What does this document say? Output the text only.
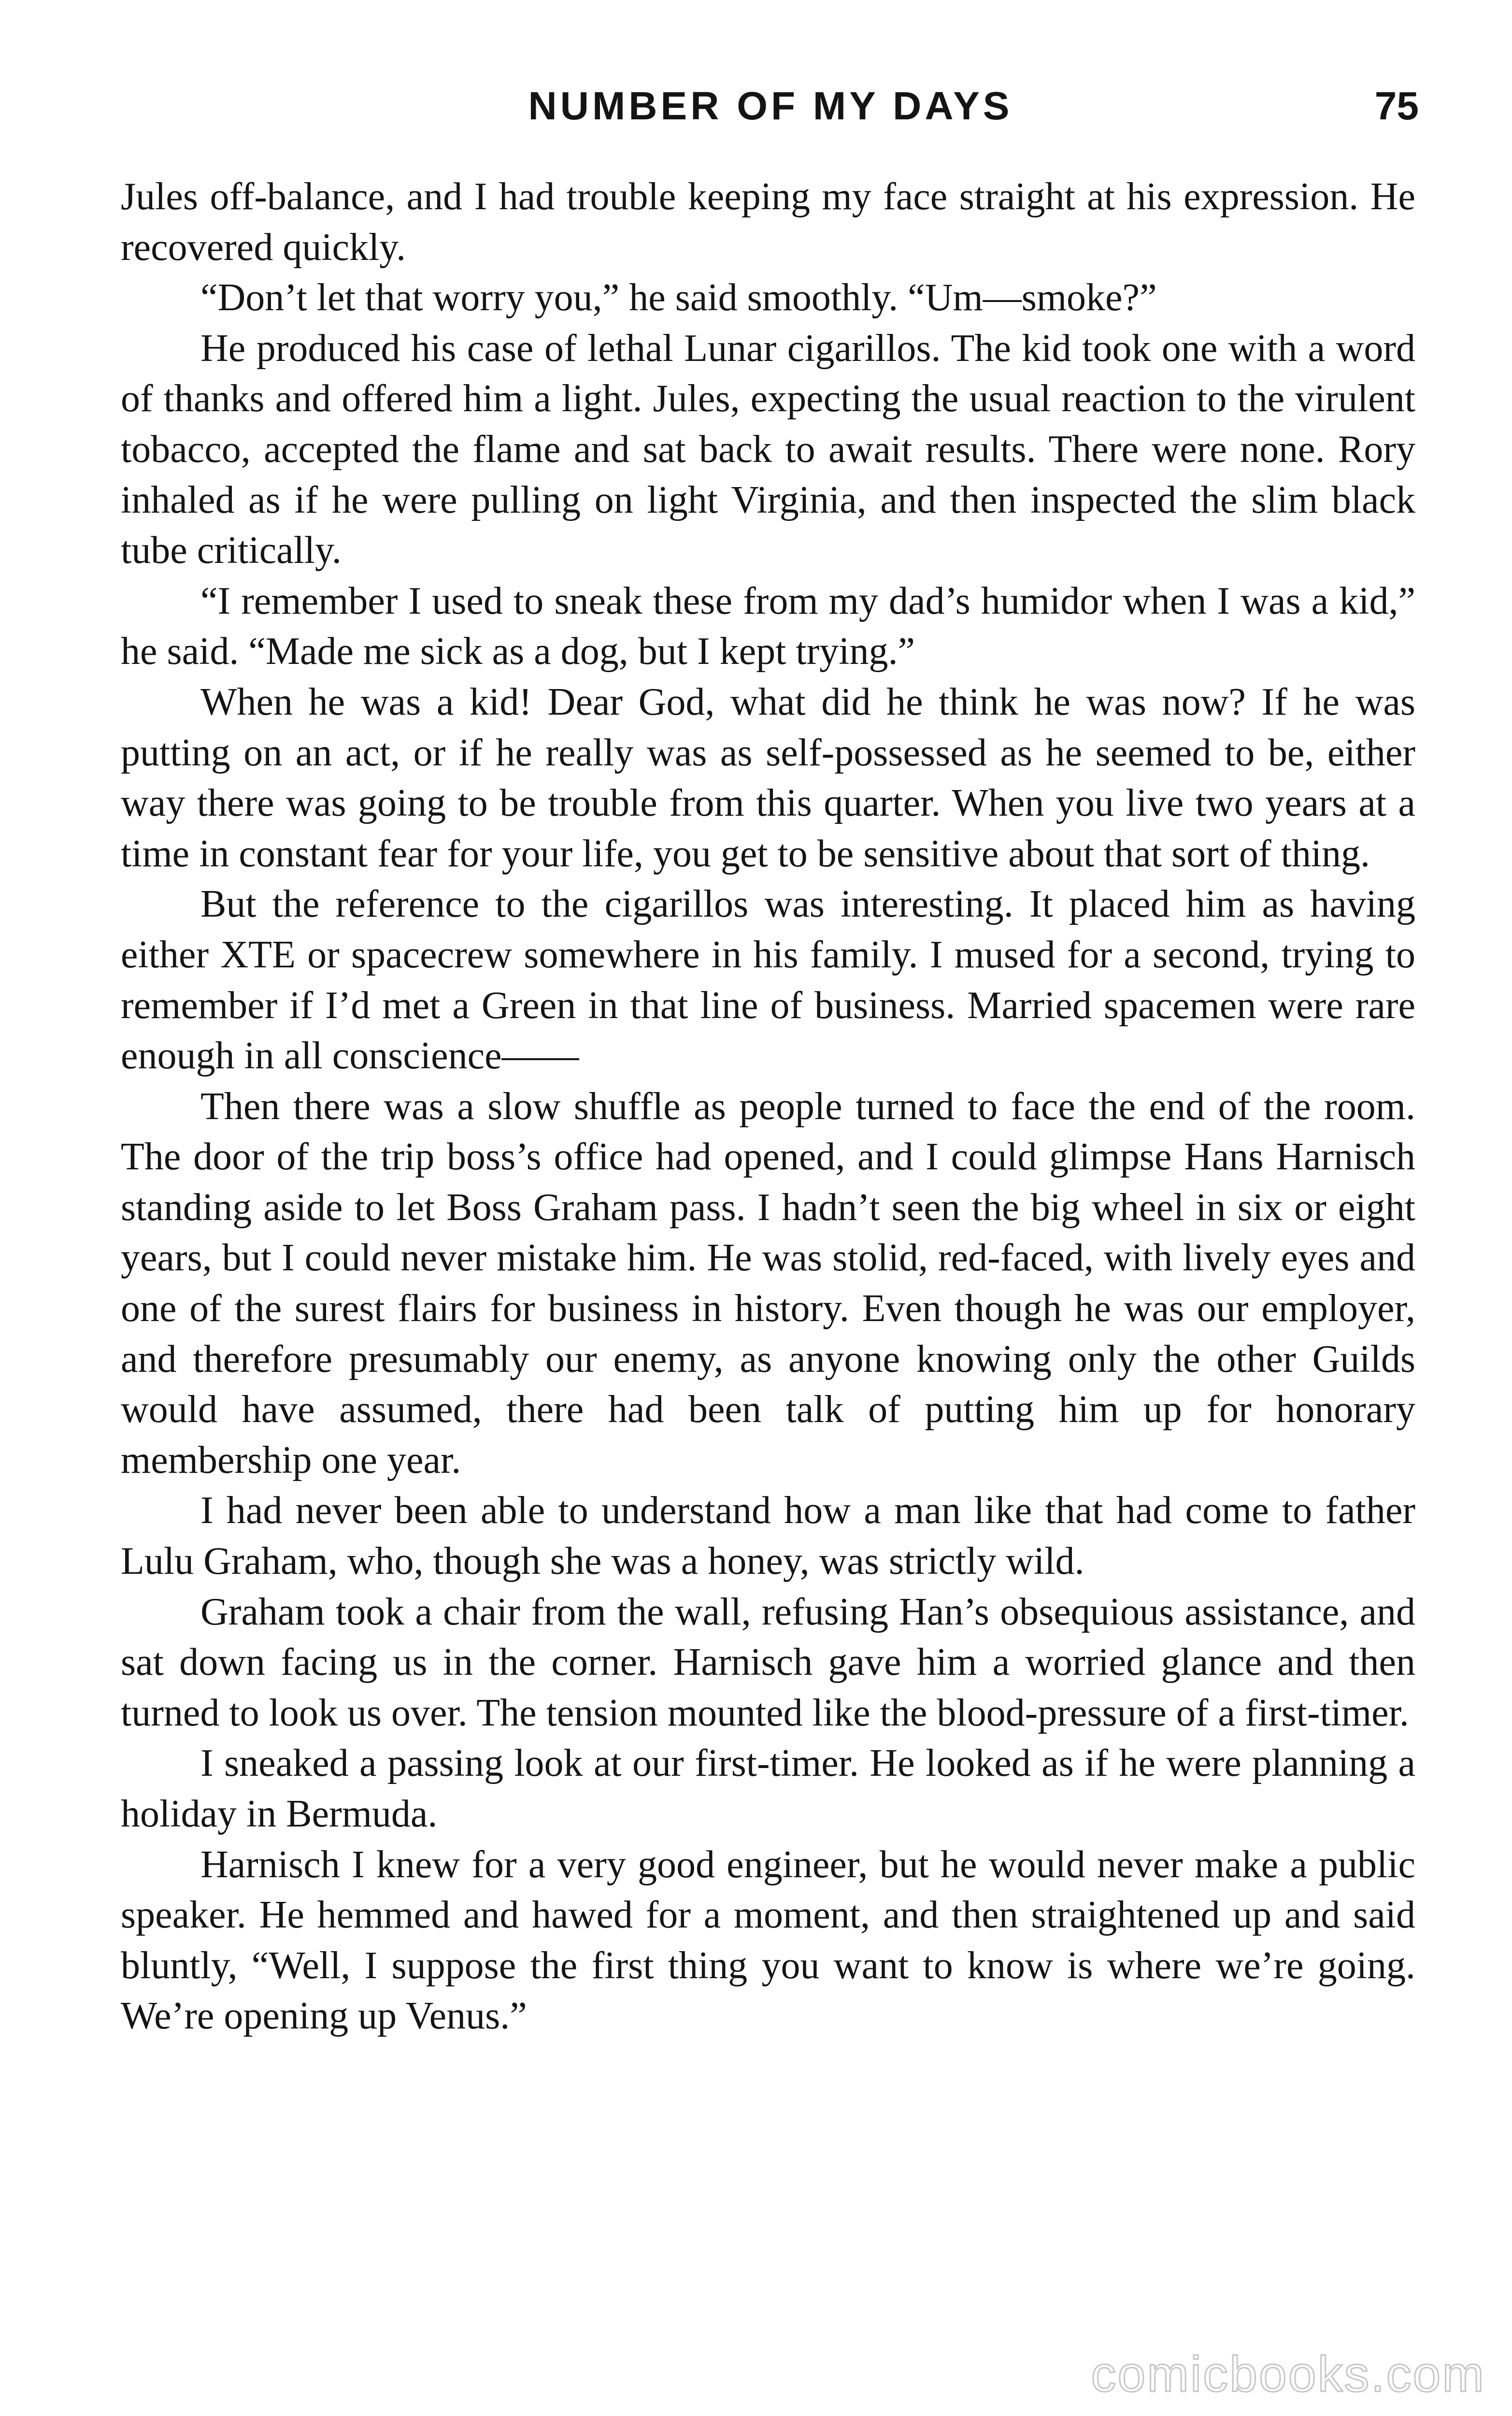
NUMBER OF MY DAYS	75

Jules off-balance, and I had trouble keeping my face straight at his expression. He recovered quickly.

“Don’t let that worry you,” he said smoothly. “Um—smoke?”

He produced his case of lethal Lunar cigarillos. The kid took one with a word of thanks and offered him a light. Jules, expecting the usual reaction to the virulent tobacco, accepted the flame and sat back to await results. There were none. Rory inhaled as if he were pulling on light Virginia, and then inspected the slim black tube critically.

“I remember I used to sneak these from my dad’s humidor when I was a kid,” he said. “Made me sick as a dog, but I kept trying.”

When he was a kid! Dear God, what did he think he was now? If he was putting on an act, or if he really was as self-possessed as he seemed to be, either way there was going to be trouble from this quarter. When you live two years at a time in constant fear for your life, you get to be sensitive about that sort of thing.

But the reference to the cigarillos was interesting. It placed him as having either XTE or spacecrew somewhere in his family. I mused for a second, trying to remember if I’d met a Green in that line of business. Married spacemen were rare enough in all conscience——

Then there was a slow shuffle as people turned to face the end of the room. The door of the trip boss’s office had opened, and I could glimpse Hans Harnisch standing aside to let Boss Graham pass. I hadn’t seen the big wheel in six or eight years, but I could never mistake him. He was stolid, red-faced, with lively eyes and one of the surest flairs for business in history. Even though he was our employer, and therefore presumably our enemy, as anyone knowing only the other Guilds would have assumed, there had been talk of putting him up for honorary membership one year.

I had never been able to understand how a man like that had come to father Lulu Graham, who, though she was a honey, was strictly wild.

Graham took a chair from the wall, refusing Han’s obsequious assistance, and sat down facing us in the corner. Harnisch gave him a worried glance and then turned to look us over. The tension mounted like the blood-pressure of a first-timer.

I sneaked a passing look at our first-timer. He looked as if he were planning a holiday in Bermuda.

Harnisch I knew for a very good engineer, but he would never make a public speaker. He hemmed and hawed for a moment, and then straightened up and said bluntly, “Well, I suppose the first thing you want to know is where we’re going. We’re opening up Venus.”

comicbooks.com
